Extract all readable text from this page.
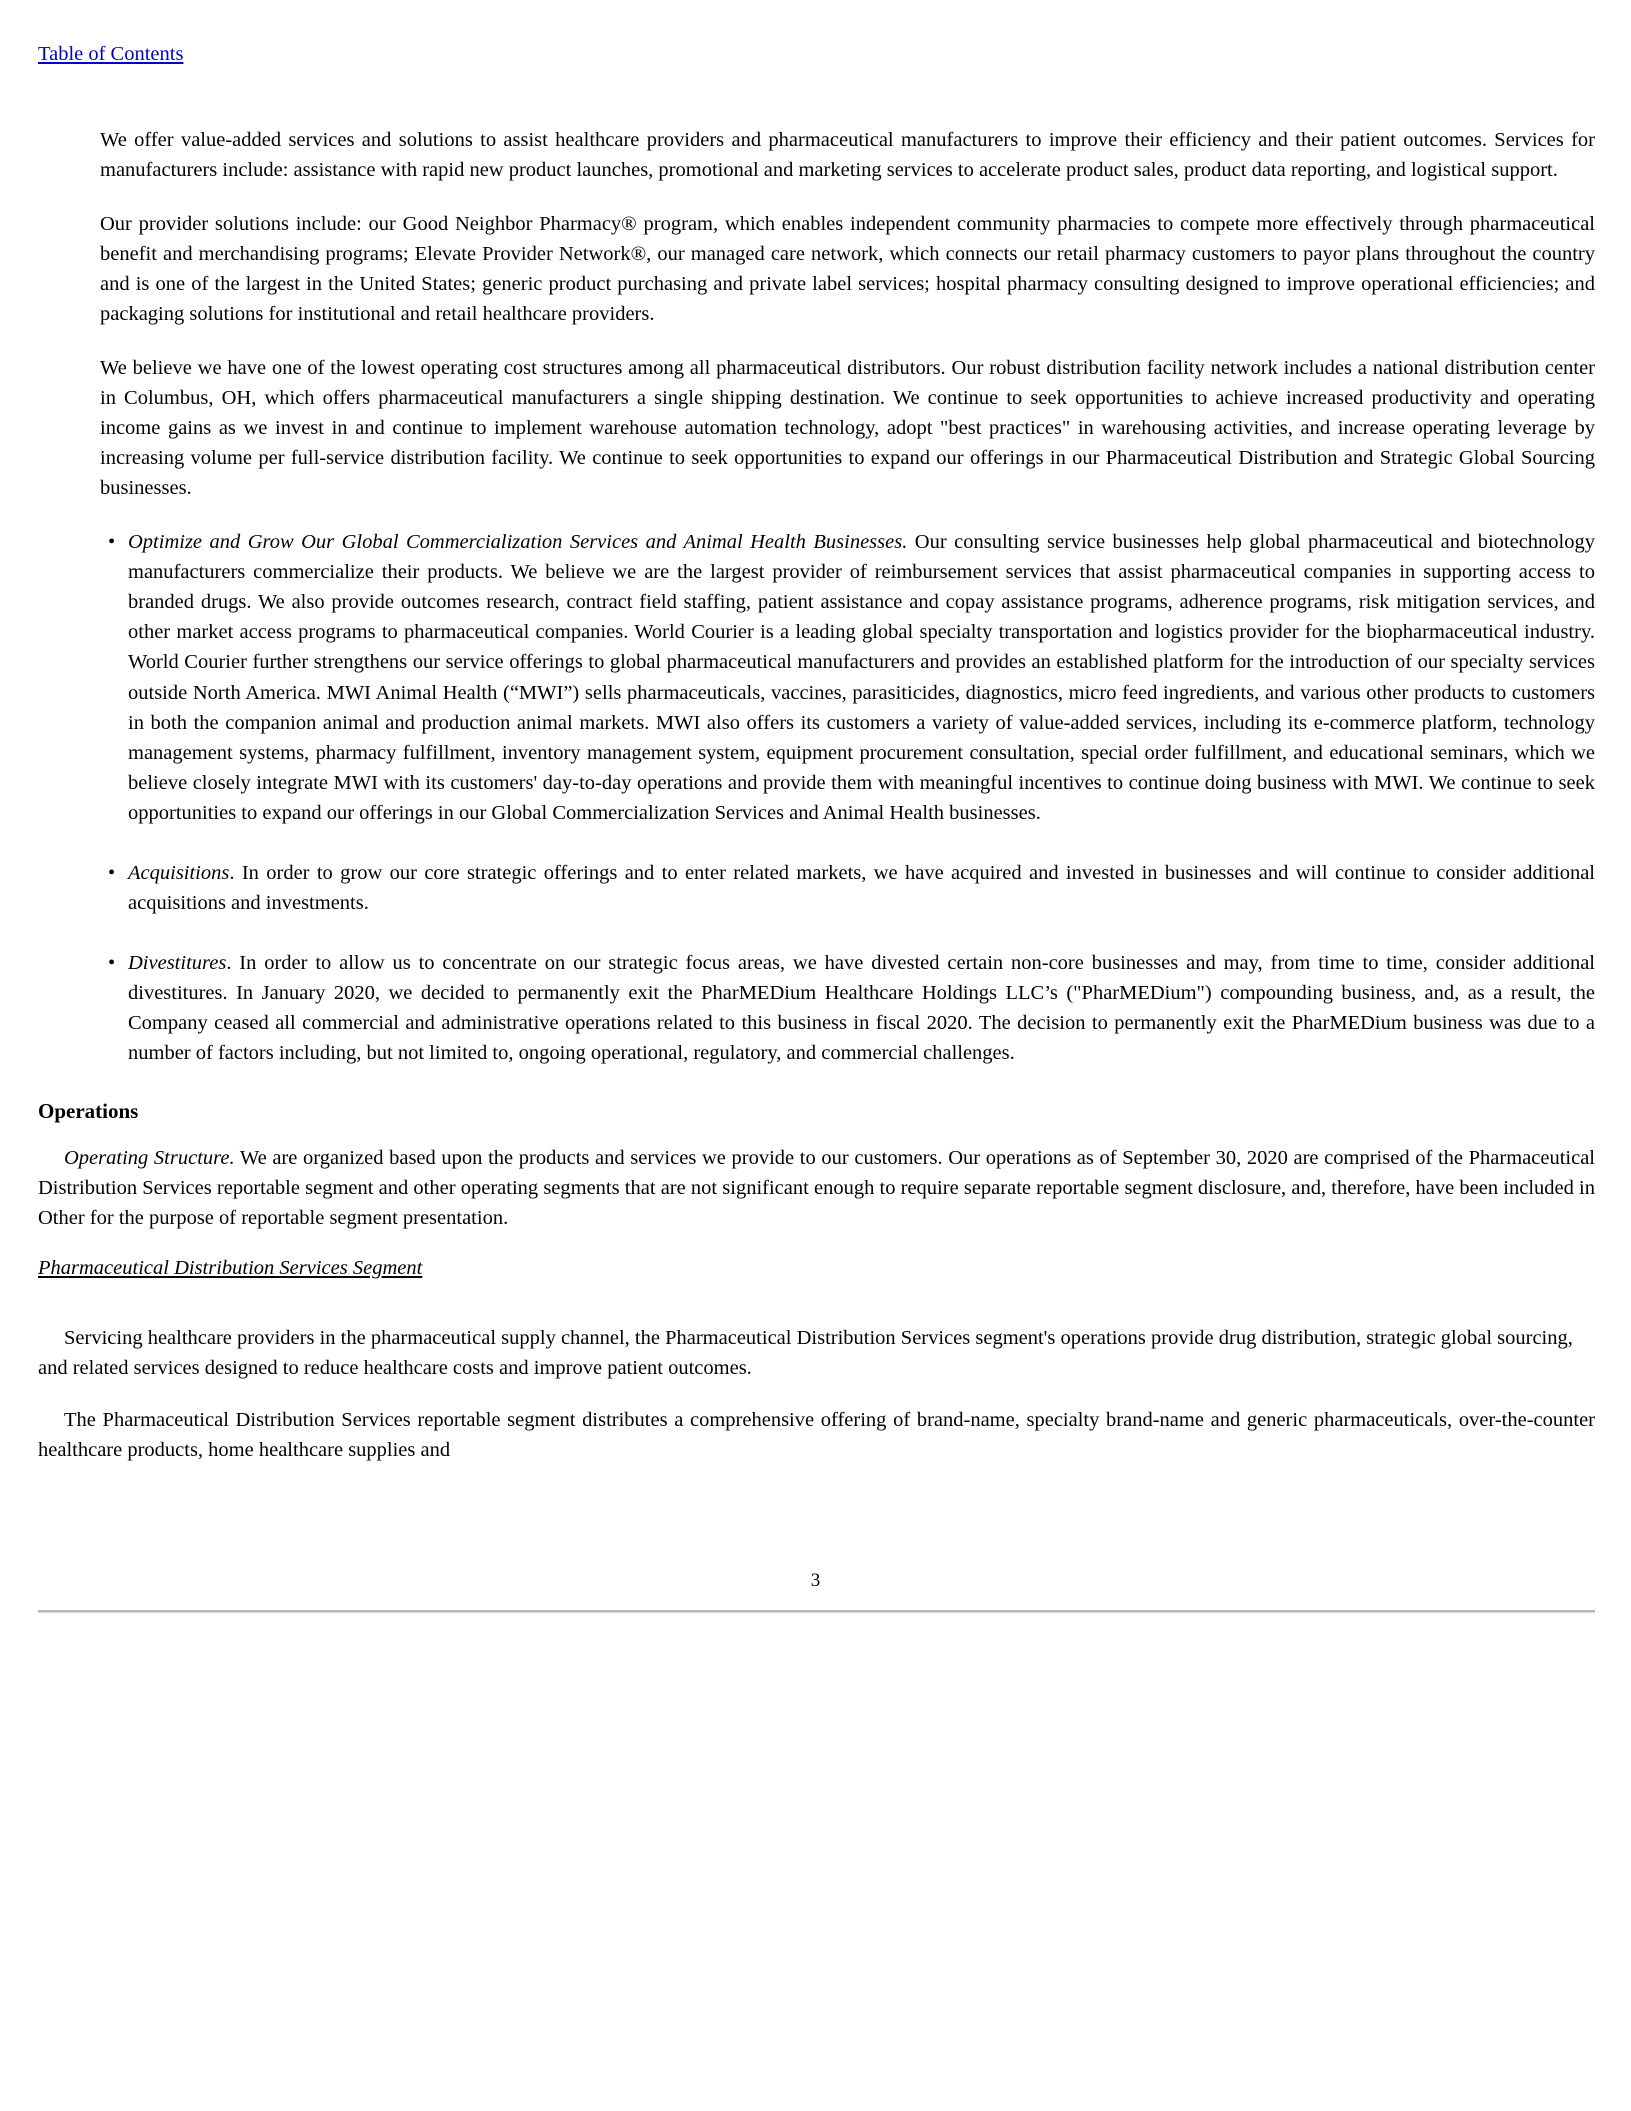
Table of Contents

We offer value-added services and solutions to assist healthcare providers and pharmaceutical manufacturers to improve their efficiency and their patient outcomes. Services for manufacturers include: assistance with rapid new product launches, promotional and marketing services to accelerate product sales, product data reporting, and logistical support.

Our provider solutions include: our Good Neighbor Pharmacy® program, which enables independent community pharmacies to compete more effectively through pharmaceutical benefit and merchandising programs; Elevate Provider Network®, our managed care network, which connects our retail pharmacy customers to payor plans throughout the country and is one of the largest in the United States; generic product purchasing and private label services; hospital pharmacy consulting designed to improve operational efficiencies; and packaging solutions for institutional and retail healthcare providers.

We believe we have one of the lowest operating cost structures among all pharmaceutical distributors. Our robust distribution facility network includes a national distribution center in Columbus, OH, which offers pharmaceutical manufacturers a single shipping destination. We continue to seek opportunities to achieve increased productivity and operating income gains as we invest in and continue to implement warehouse automation technology, adopt "best practices" in warehousing activities, and increase operating leverage by increasing volume per full-service distribution facility. We continue to seek opportunities to expand our offerings in our Pharmaceutical Distribution and Strategic Global Sourcing businesses.

• Optimize and Grow Our Global Commercialization Services and Animal Health Businesses. Our consulting service businesses help global pharmaceutical and biotechnology manufacturers commercialize their products. We believe we are the largest provider of reimbursement services that assist pharmaceutical companies in supporting access to branded drugs. We also provide outcomes research, contract field staffing, patient assistance and copay assistance programs, adherence programs, risk mitigation services, and other market access programs to pharmaceutical companies. World Courier is a leading global specialty transportation and logistics provider for the biopharmaceutical industry. World Courier further strengthens our service offerings to global pharmaceutical manufacturers and provides an established platform for the introduction of our specialty services outside North America. MWI Animal Health (“MWI”) sells pharmaceuticals, vaccines, parasiticides, diagnostics, micro feed ingredients, and various other products to customers in both the companion animal and production animal markets. MWI also offers its customers a variety of value-added services, including its e-commerce platform, technology management systems, pharmacy fulfillment, inventory management system, equipment procurement consultation, special order fulfillment, and educational seminars, which we believe closely integrate MWI with its customers' day-to-day operations and provide them with meaningful incentives to continue doing business with MWI. We continue to seek opportunities to expand our offerings in our Global Commercialization Services and Animal Health businesses.
• Acquisitions. In order to grow our core strategic offerings and to enter related markets, we have acquired and invested in businesses and will continue to consider additional acquisitions and investments.
• Divestitures. In order to allow us to concentrate on our strategic focus areas, we have divested certain non-core businesses and may, from time to time, consider additional divestitures. In January 2020, we decided to permanently exit the PharMEDium Healthcare Holdings LLC’s ("PharMEDium") compounding business, and, as a result, the Company ceased all commercial and administrative operations related to this business in fiscal 2020. The decision to permanently exit the PharMEDium business was due to a number of factors including, but not limited to, ongoing operational, regulatory, and commercial challenges.
Operations

Operating Structure. We are organized based upon the products and services we provide to our customers. Our operations as of September 30, 2020 are comprised of the Pharmaceutical Distribution Services reportable segment and other operating segments that are not significant enough to require separate reportable segment disclosure, and, therefore, have been included in Other for the purpose of reportable segment presentation.

Pharmaceutical Distribution Services Segment

Servicing healthcare providers in the pharmaceutical supply channel, the Pharmaceutical Distribution Services segment's operations provide drug distribution, strategic global sourcing, and related services designed to reduce healthcare costs and improve patient outcomes.

The Pharmaceutical Distribution Services reportable segment distributes a comprehensive offering of brand-name, specialty brand-name and generic pharmaceuticals, over-the-counter healthcare products, home healthcare supplies and

3
